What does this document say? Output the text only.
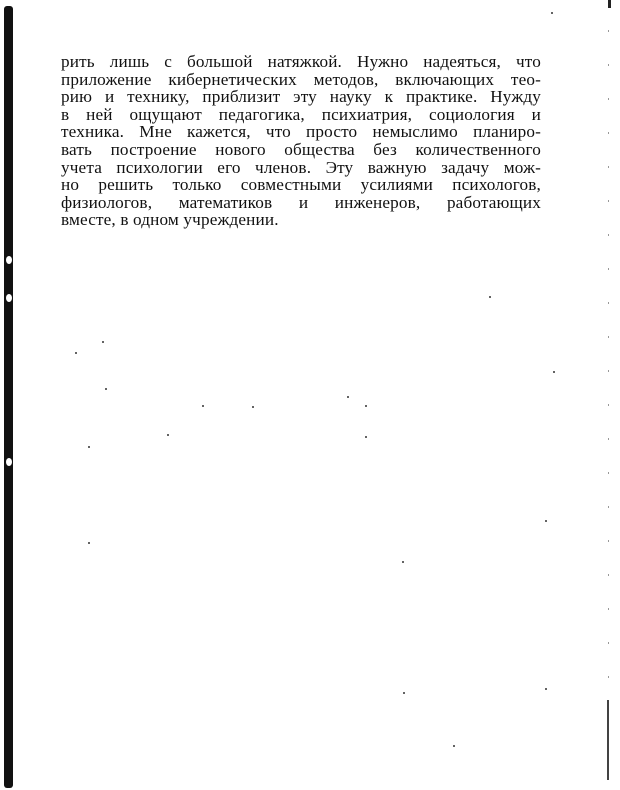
рить лишь с большой натяжкой. Нужно надеяться, что
приложение кибернетических методов, включающих тео-
рию и технику, приблизит эту науку к практике. Нужду
в ней ощущают педагогика, психиатрия, социология и
техника. Мне кажется, что просто немыслимо планиро-
вать построение нового общества без количественного
учета психологии его членов. Эту важную задачу мож-
но решить только совместными усилиями психологов,
физиологов, математиков и инженеров, работающих
вместе, в одном учреждении.
